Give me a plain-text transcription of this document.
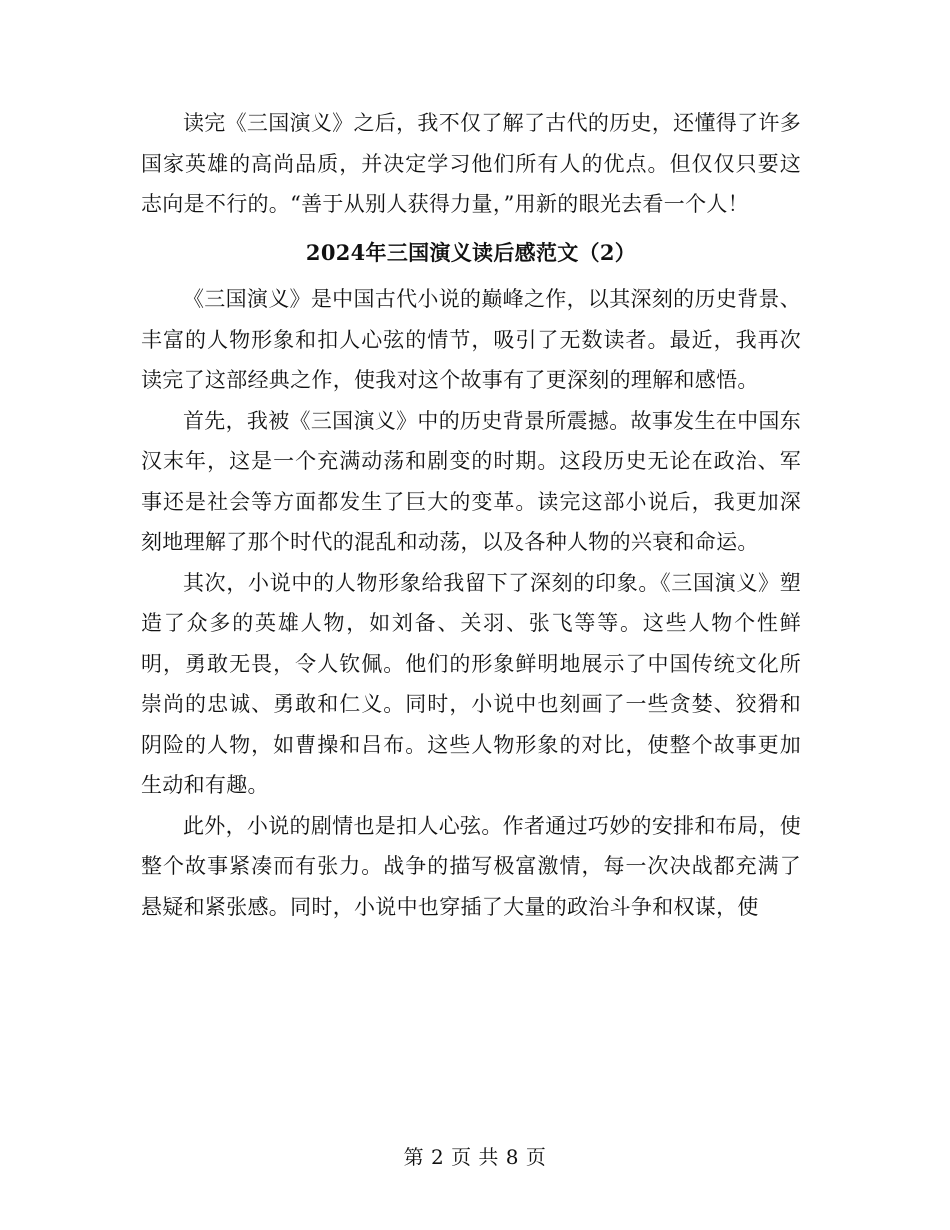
读完《三国演义》之后，我不仅了解了古代的历史，还懂得了许多国家英雄的高尚品质，并决定学习他们所有人的优点。但仅仅只要这志向是不行的。“善于从别人获得力量，”用新的眼光去看一个人！

2024年三国演义读后感范文（2）

《三国演义》是中国古代小说的巅峰之作，以其深刻的历史背景、丰富的人物形象和扣人心弦的情节，吸引了无数读者。最近，我再次读完了这部经典之作，使我对这个故事有了更深刻的理解和感悟。

首先，我被《三国演义》中的历史背景所震撼。故事发生在中国东汉末年，这是一个充满动荡和剧变的时期。这段历史无论在政治、军事还是社会等方面都发生了巨大的变革。读完这部小说后，我更加深刻地理解了那个时代的混乱和动荡，以及各种人物的兴衰和命运。

其次，小说中的人物形象给我留下了深刻的印象。《三国演义》塑造了众多的英雄人物，如刘备、关羽、张飞等等。这些人物个性鲜明，勇敢无畏，令人钦佩。他们的形象鲜明地展示了中国传统文化所崇尚的忠诚、勇敢和仁义。同时，小说中也刻画了一些贪婪、狡猾和阴险的人物，如曹操和吕布。这些人物形象的对比，使整个故事更加生动和有趣。

此外，小说的剧情也是扣人心弦。作者通过巧妙的安排和布局，使整个故事紧凑而有张力。战争的描写极富激情，每一次决战都充满了悬疑和紧张感。同时，小说中也穿插了大量的政治斗争和权谋，使

第 2 页 共 8 页
